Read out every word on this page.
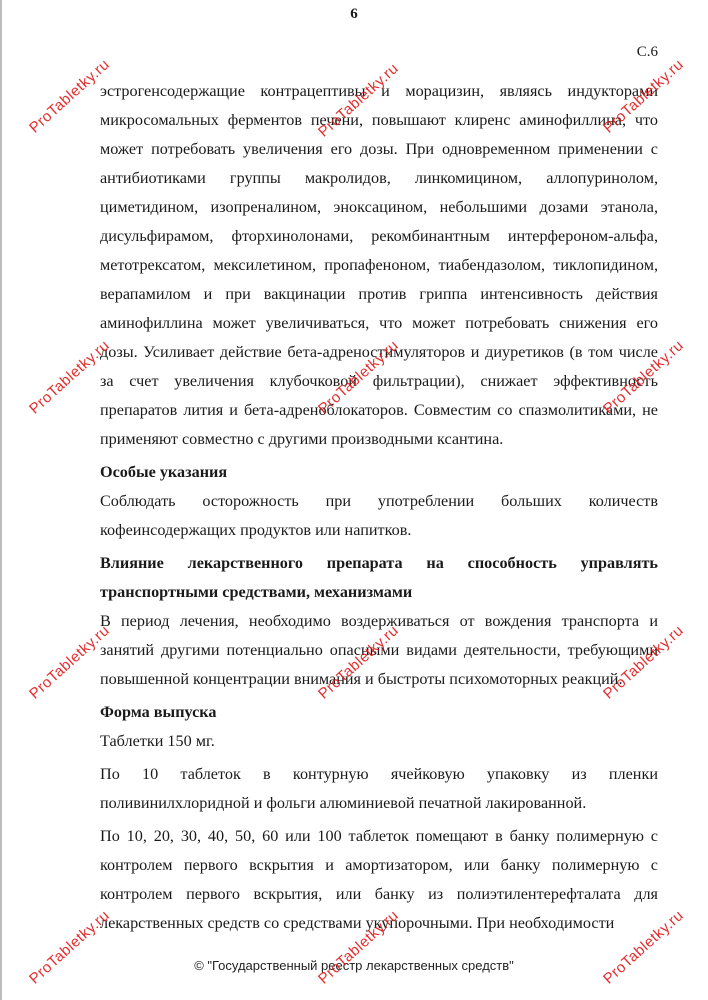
6
С.6

эстрогенсодержащие контрацептивы и морацизин, являясь индукторами микросомальных ферментов печени, повышают клиренс аминофиллина, что может потребовать увеличения его дозы. При одновременном применении с антибиотиками группы макролидов, линкомицином, аллопуринолом, циметидином, изопреналином, эноксацином, небольшими дозами этанола, дисульфирамом, фторхинолонами, рекомбинантным интерфероном-альфа, метотрексатом, мексилетином, пропафеноном, тиабендазолом, тиклопидином, верапамилом и при вакцинации против гриппа интенсивность действия аминофиллина может увеличиваться, что может потребовать снижения его дозы. Усиливает действие бета-адреностимуляторов и диуретиков (в том числе за счет увеличения клубочковой фильтрации), снижает эффективность препаратов лития и бета-адреноблокаторов. Совместим со спазмолитиками, не применяют совместно с другими производными ксантина.

Особые указания

Соблюдать осторожность при употреблении больших количеств кофеинсодержащих продуктов или напитков.

Влияние лекарственного препарата на способность управлять транспортными средствами, механизмами

В период лечения, необходимо воздерживаться от вождения транспорта и занятий другими потенциально опасными видами деятельности, требующими повышенной концентрации внимания и быстроты психомоторных реакций.

Форма выпуска

Таблетки 150 мг.

По 10 таблеток в контурную ячейковую упаковку из пленки поливинилхлоридной и фольги алюминиевой печатной лакированной.

По 10, 20, 30, 40, 50, 60 или 100 таблеток помещают в банку полимерную с контролем первого вскрытия и амортизатором, или банку полимерную с контролем первого вскрытия, или банку из полиэтилентерефталата для лекарственных средств со средствами укупорочными. При необходимости

© "Государственный реестр лекарственных средств"
ProTabletky.ru	ProTabletky.ru	ProTabletky.ru
ProTabletky.ru	ProTabletky.ru	ProTabletky.ru
ProTabletky.ru	ProTabletky.ru	ProTabletky.ru
ProTabletky.ru	ProTabletky.ru	ProTabletky.ru
